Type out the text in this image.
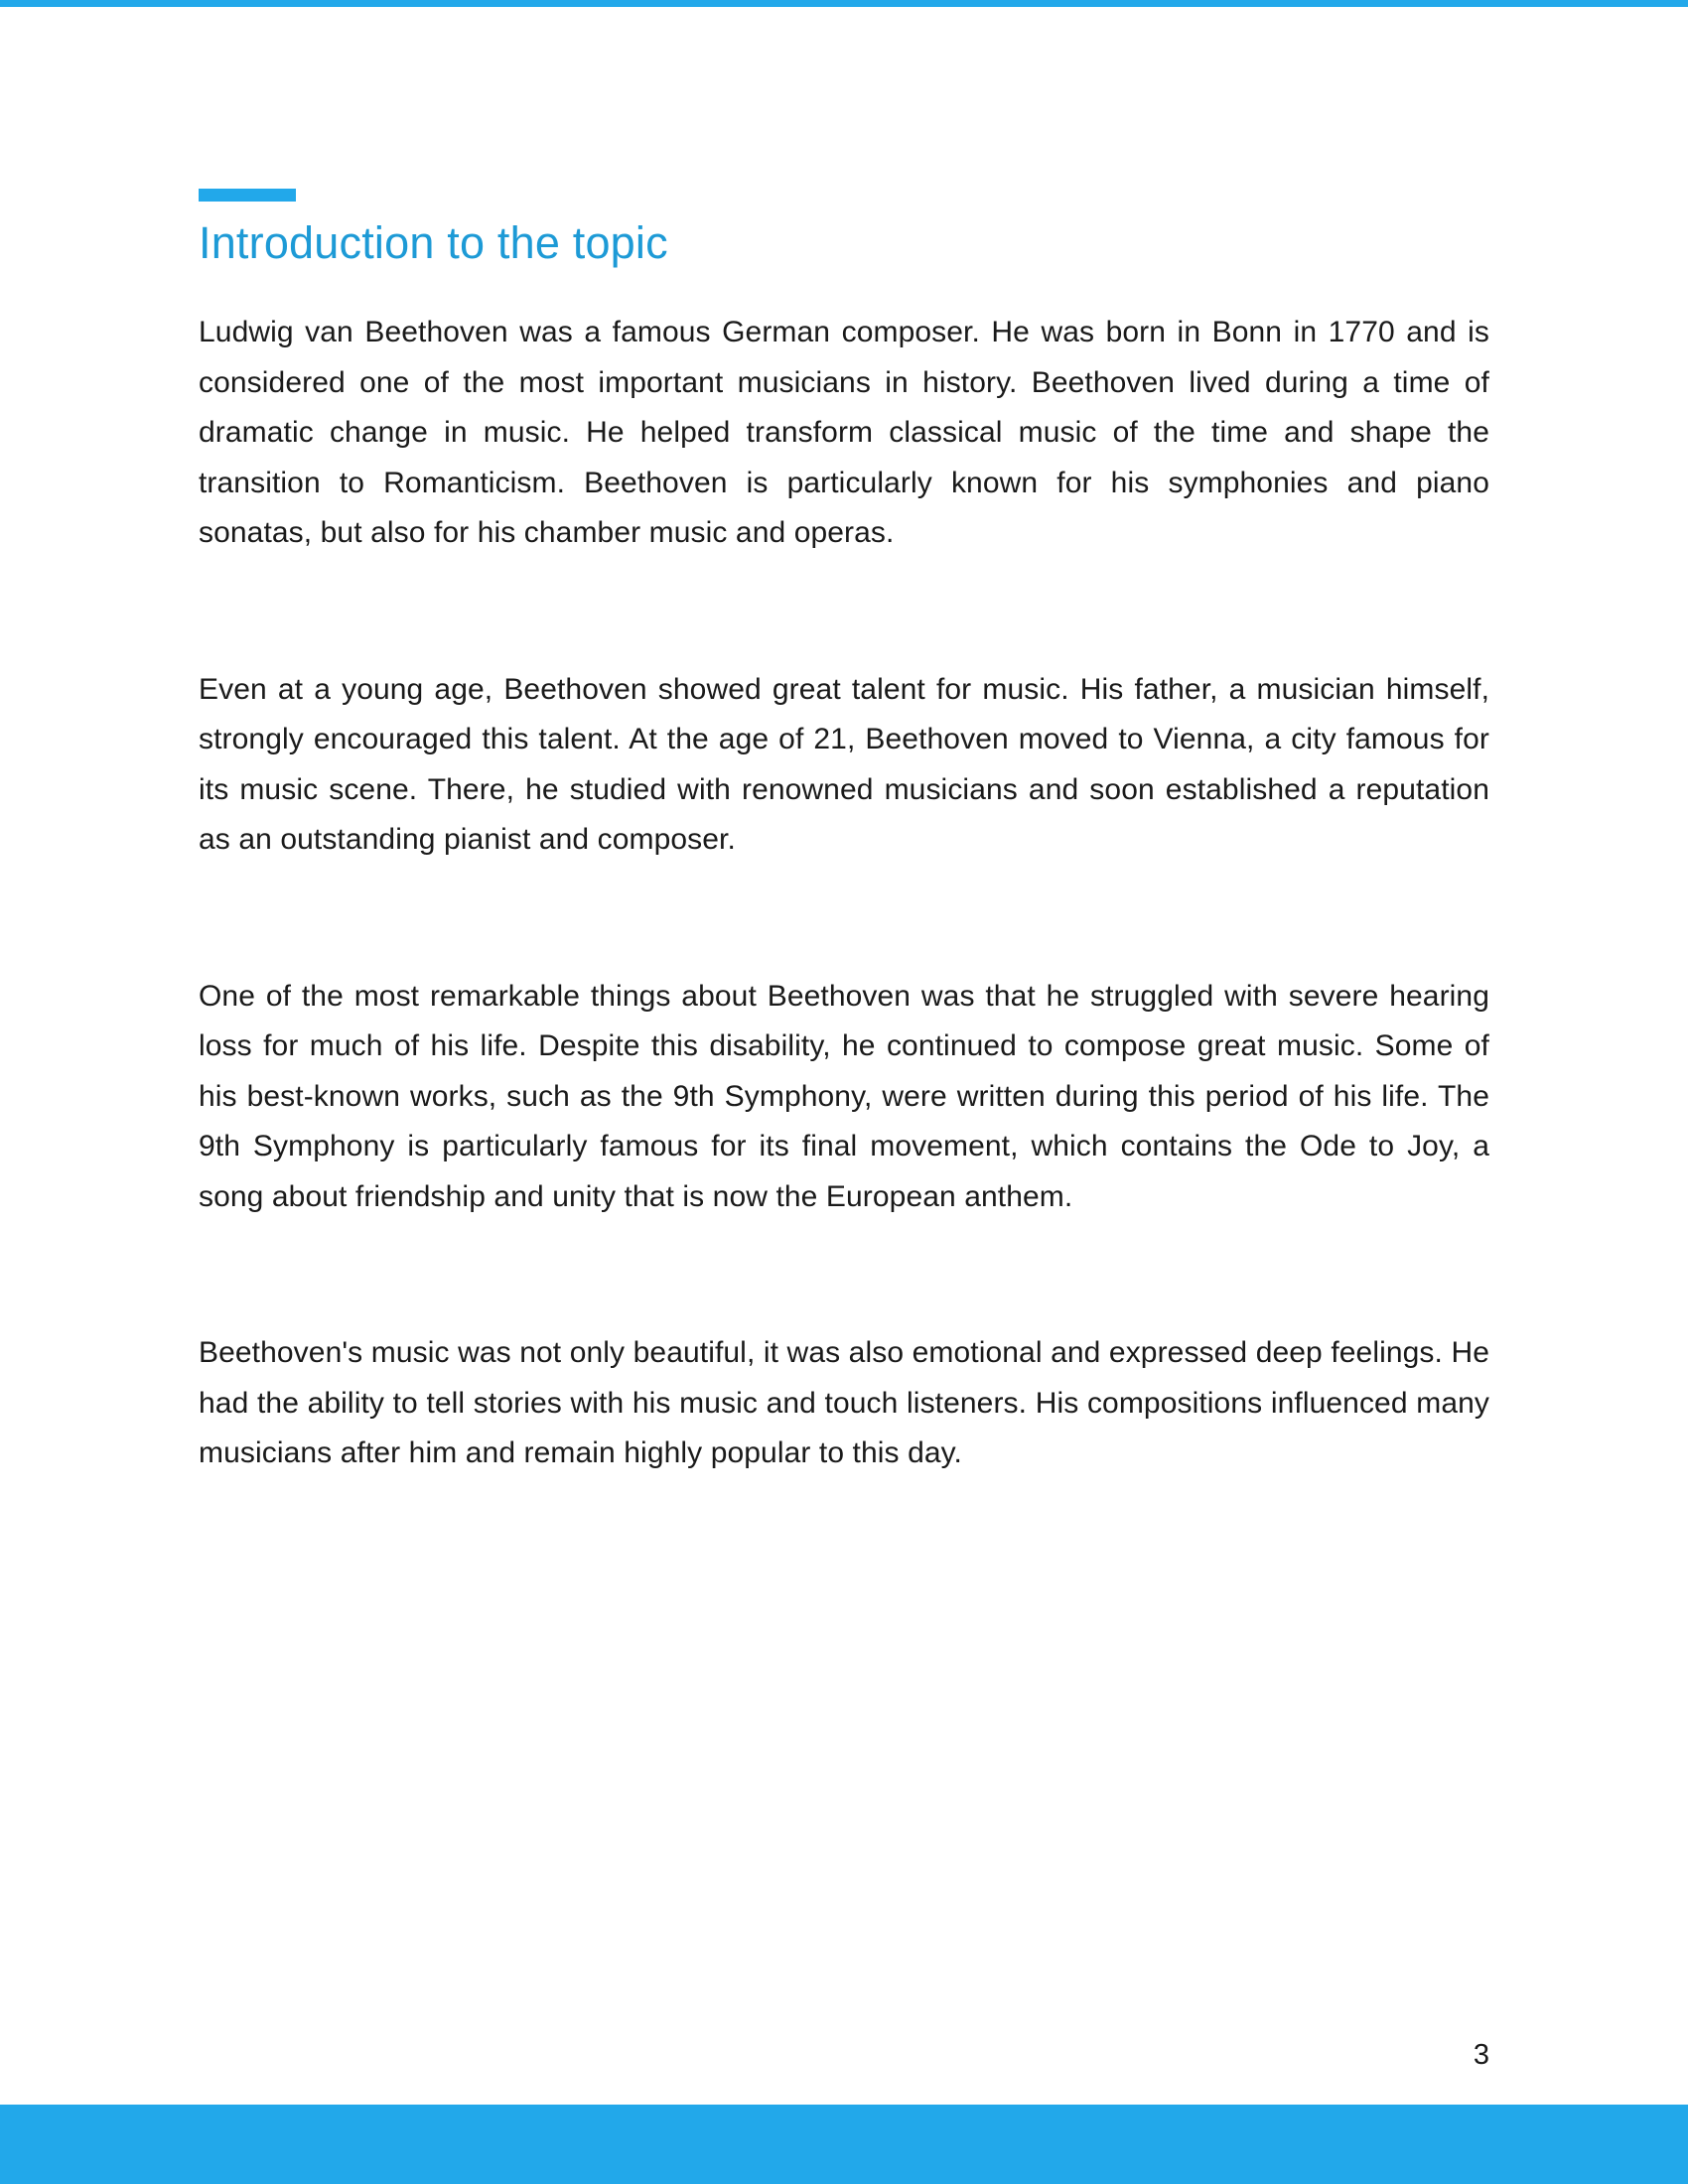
Introduction to the topic

Ludwig van Beethoven was a famous German composer. He was born in Bonn in 1770 and is considered one of the most important musicians in history. Beethoven lived during a time of dramatic change in music. He helped transform classical music of the time and shape the transition to Romanticism. Beethoven is particularly known for his symphonies and piano sonatas, but also for his chamber music and operas.

Even at a young age, Beethoven showed great talent for music. His father, a musician himself, strongly encouraged this talent. At the age of 21, Beethoven moved to Vienna, a city famous for its music scene. There, he studied with renowned musicians and soon established a reputation as an outstanding pianist and composer.

One of the most remarkable things about Beethoven was that he struggled with severe hearing loss for much of his life. Despite this disability, he continued to compose great music. Some of his best-known works, such as the 9th Symphony, were written during this period of his life. The 9th Symphony is particularly famous for its final movement, which contains the Ode to Joy, a song about friendship and unity that is now the European anthem.

Beethoven's music was not only beautiful, it was also emotional and expressed deep feelings. He had the ability to tell stories with his music and touch listeners. His compositions influenced many musicians after him and remain highly popular to this day.

3
